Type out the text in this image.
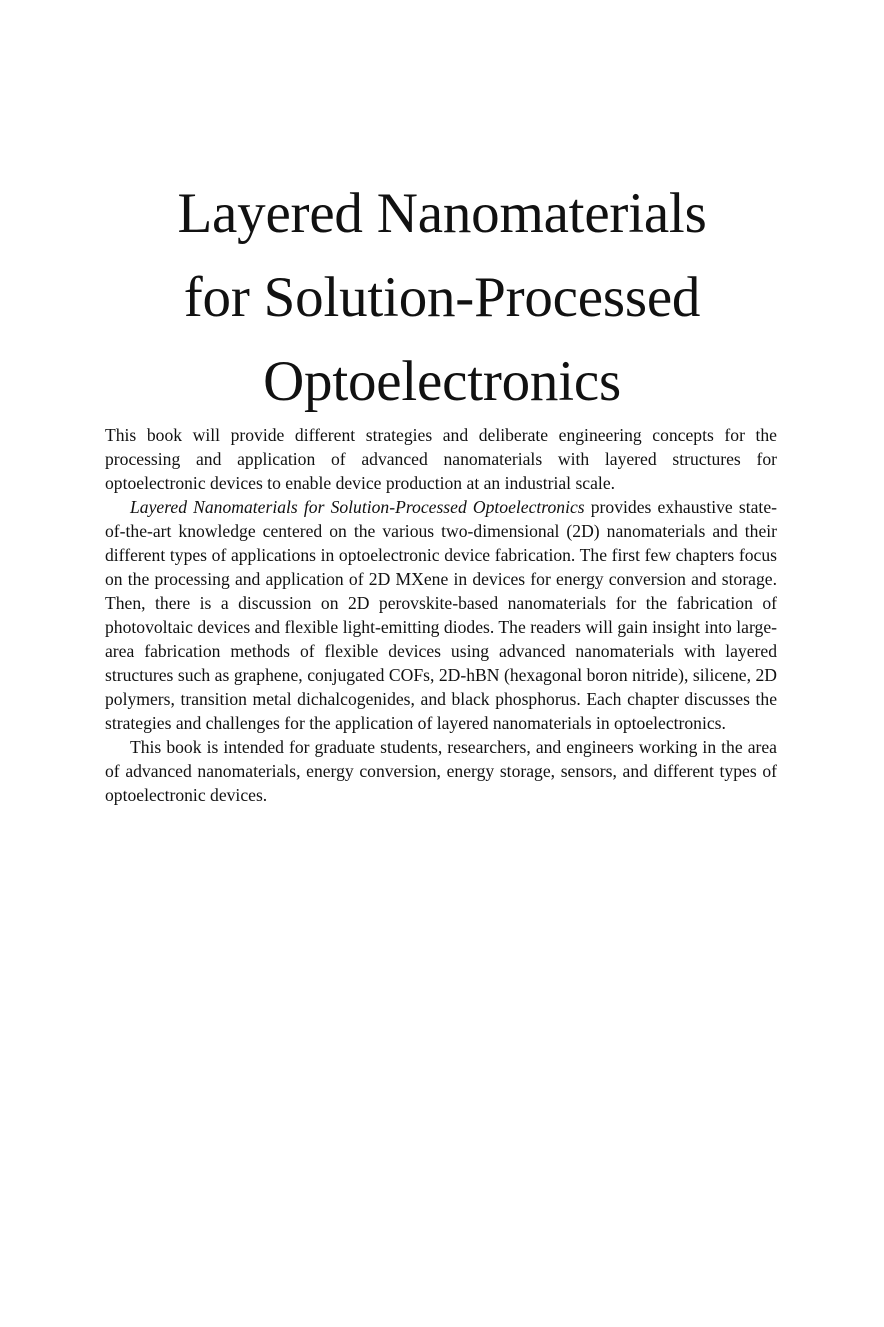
Layered Nanomaterials
for Solution-Processed
Optoelectronics

This book will provide different strategies and deliberate engineering concepts for the processing and application of advanced nanomaterials with layered structures for optoelectronic devices to enable device production at an industrial scale.

Layered Nanomaterials for Solution-Processed Optoelectronics provides exhaustive state-of-the-art knowledge centered on the various two-dimensional (2D) nanomaterials and their different types of applications in optoelectronic device fabrication. The first few chapters focus on the processing and application of 2D MXene in devices for energy conversion and storage. Then, there is a discussion on 2D perovskite-based nanomaterials for the fabrication of photovoltaic devices and flexible light-emitting diodes. The readers will gain insight into large-area fabrication methods of flexible devices using advanced nanomaterials with layered structures such as graphene, conjugated COFs, 2D-hBN (hexagonal boron nitride), silicene, 2D polymers, transition metal dichalcogenides, and black phosphorus. Each chapter discusses the strategies and challenges for the application of layered nanomaterials in optoelectronics.

This book is intended for graduate students, researchers, and engineers working in the area of advanced nanomaterials, energy conversion, energy storage, sensors, and different types of optoelectronic devices.
